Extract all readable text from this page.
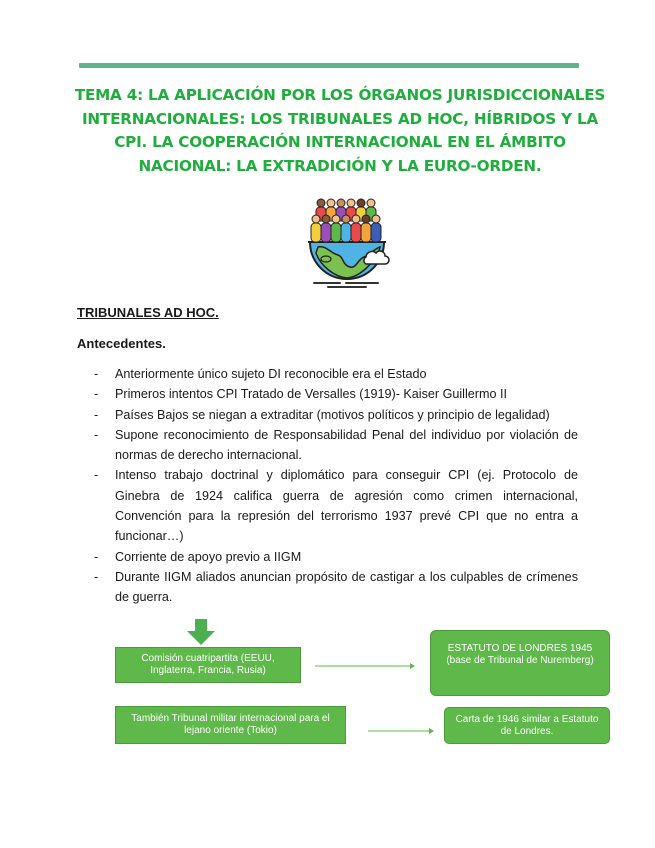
TEMA 4: LA APLICACIÓN POR LOS ÓRGANOS JURISDICCIONALES INTERNACIONALES: LOS TRIBUNALES AD HOC, HÍBRIDOS Y LA CPI. LA COOPERACIÓN INTERNACIONAL EN EL ÁMBITO NACIONAL: LA EXTRADICIÓN Y LA EURO-ORDEN.
TRIBUNALES AD HOC.
Antecedentes.
- Anteriormente único sujeto DI reconocible era el Estado
- Primeros intentos CPI Tratado de Versalles (1919)- Kaiser Guillermo II
- Países Bajos se niegan a extraditar (motivos políticos y principio de legalidad)
- Supone reconocimiento de Responsabilidad Penal del individuo por violación de normas de derecho internacional.
- Intenso trabajo doctrinal y diplomático para conseguir CPI (ej. Protocolo de Ginebra de 1924 califica guerra de agresión como crimen internacional, Convención para la represión del terrorismo 1937 prevé CPI que no entra a funcionar…)
- Corriente de apoyo previo a IIGM
- Durante IIGM aliados anuncian propósito de castigar a los culpables de crímenes de guerra.
Comisión cuatripartita (EEUU, Inglaterra, Francia, Rusia)
ESTATUTO DE LONDRES 1945 (base de Tribunal de Nuremberg)
También Tribunal militar internacional para el lejano oriente (Tokio)
Carta de 1946 similar a Estatuto de Londres.
